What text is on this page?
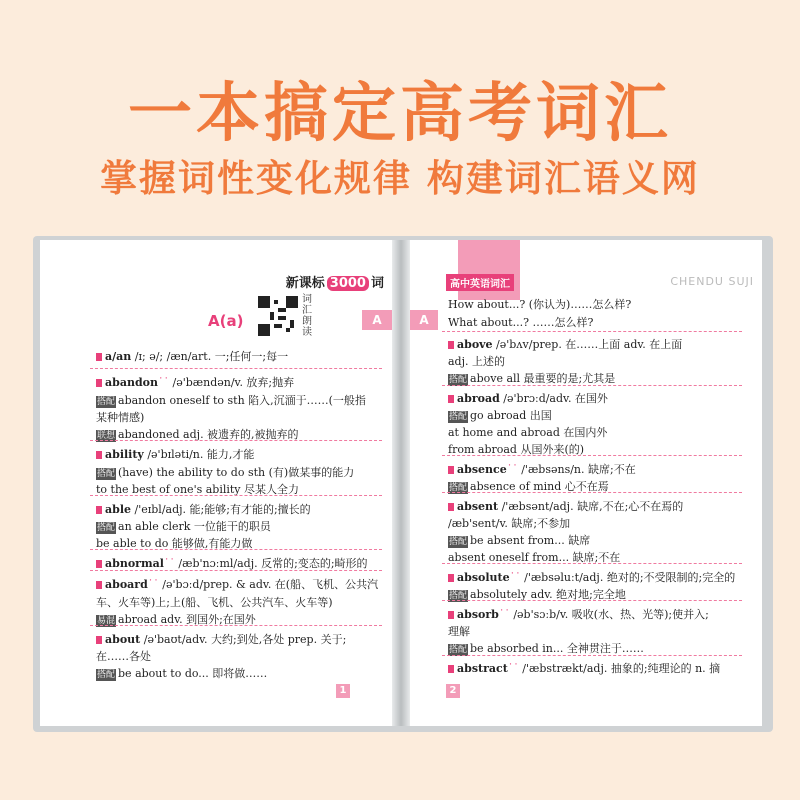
一本搞定高考词汇
掌握词性变化规律 构建词汇语义网
新课标 3000 词
A(a)
词
汇
朗
读
A
1
a/an /ɪ; ə/; /æn/art. 一;任何一;每一
abandon˙˙ /ə'bændən/v. 放弃;抛弃
搭配 abandon oneself to sth 陷入,沉湎于……(一般指
某种情感)
联想 abandoned adj. 被遗弃的,被抛弃的
ability /ə'bɪləti/n. 能力,才能
搭配 (have) the ability to do sth (有)做某事的能力
to the best of one's ability 尽某人全力
able /'eɪbl/adj. 能;能够;有才能的;擅长的
搭配 an able clerk 一位能干的职员
be able to do 能够做,有能力做
abnormal˙˙ /æb'nɔːml/adj. 反常的;变态的;畸形的
aboard˙˙ /ə'bɔːd/prep. & adv. 在(船、飞机、公共汽
车、火车等)上;上(船、飞机、公共汽车、火车等)
易混 abroad adv. 到国外;在国外
about /ə'baʊt/adv. 大约;到处,各处 prep. 关于;
在……各处
搭配 be about to do... 即将做……
高中英语词汇	CHENDU SUJI
A
2
How about...? (你认为)……怎么样?
What about...? ……怎么样?
above /ə'bʌv/prep. 在……上面 adv. 在上面
adj. 上述的
搭配 above all 最重要的是;尤其是
abroad /ə'brɔːd/adv. 在国外
搭配 go abroad 出国
at home and abroad 在国内外
from abroad 从国外来(的)
absence˙˙ /'æbsəns/n. 缺席;不在
搭配 absence of mind 心不在焉
absent /'æbsənt/adj. 缺席,不在;心不在焉的
/æb'sent/v. 缺席;不参加
搭配 be absent from... 缺席
absent oneself from... 缺席;不在
absolute˙˙ /'æbsəluːt/adj. 绝对的;不受限制的;完全的
搭配 absolutely adv. 绝对地;完全地
absorb˙˙ /əb'sɔːb/v. 吸收(水、热、光等);使并入;
理解
搭配 be absorbed in... 全神贯注于……
abstract˙˙ /'æbstrækt/adj. 抽象的;纯理论的 n. 摘
